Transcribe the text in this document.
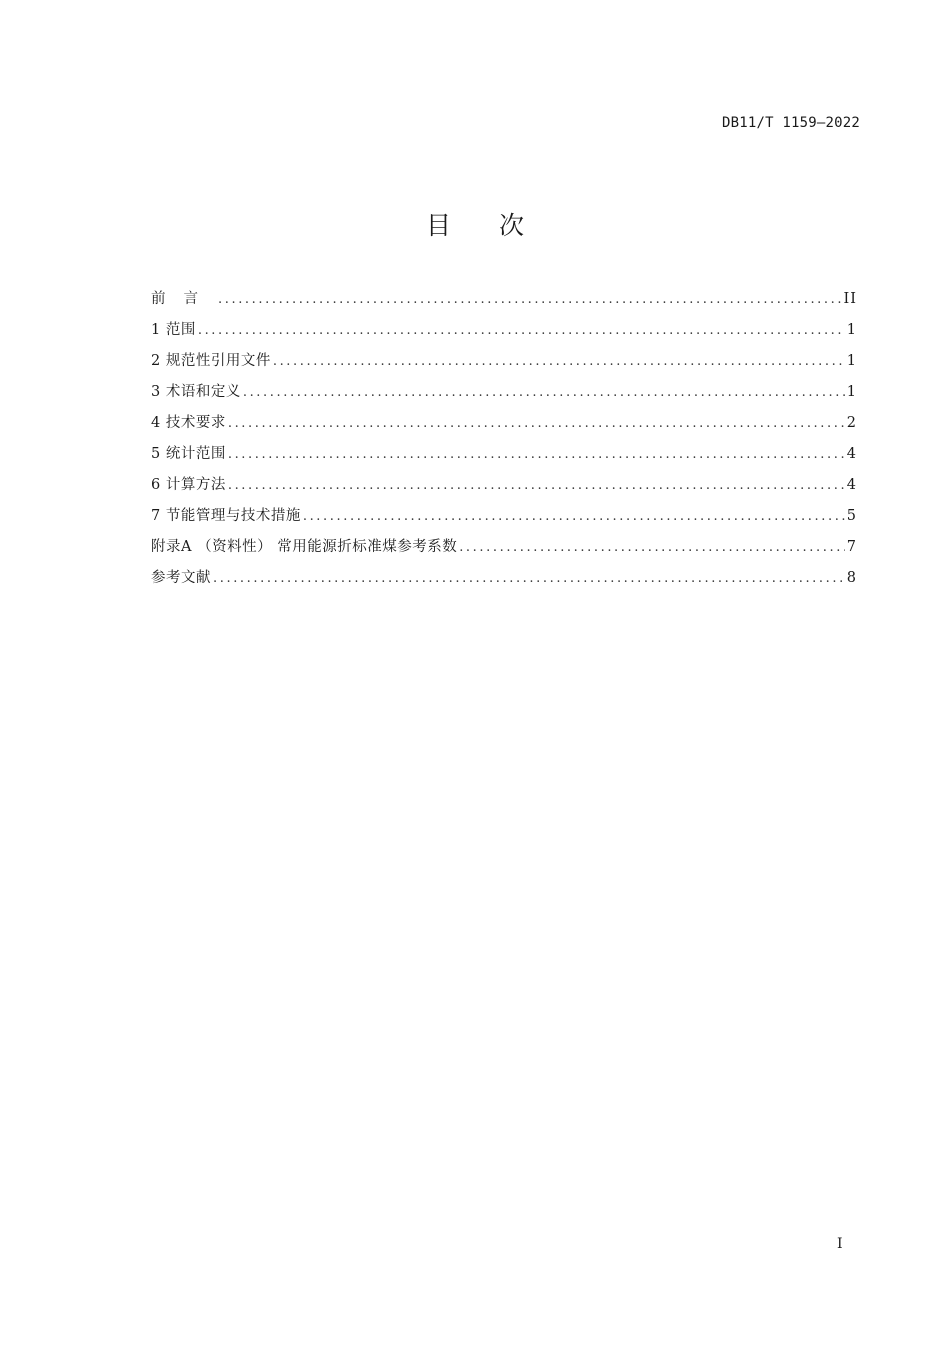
DB11/T 1159—2022
目 次
前言 .....	II
1 范围 .....	1
2 规范性引用文件 .....	1
3 术语和定义 .....	1
4 技术要求 .....	2
5 统计范围 .....	4
6 计算方法 .....	4
7 节能管理与技术措施 .....	5
附录A （资料性） 常用能源折标准煤参考系数 .....	7
参考文献 .....	8
I
